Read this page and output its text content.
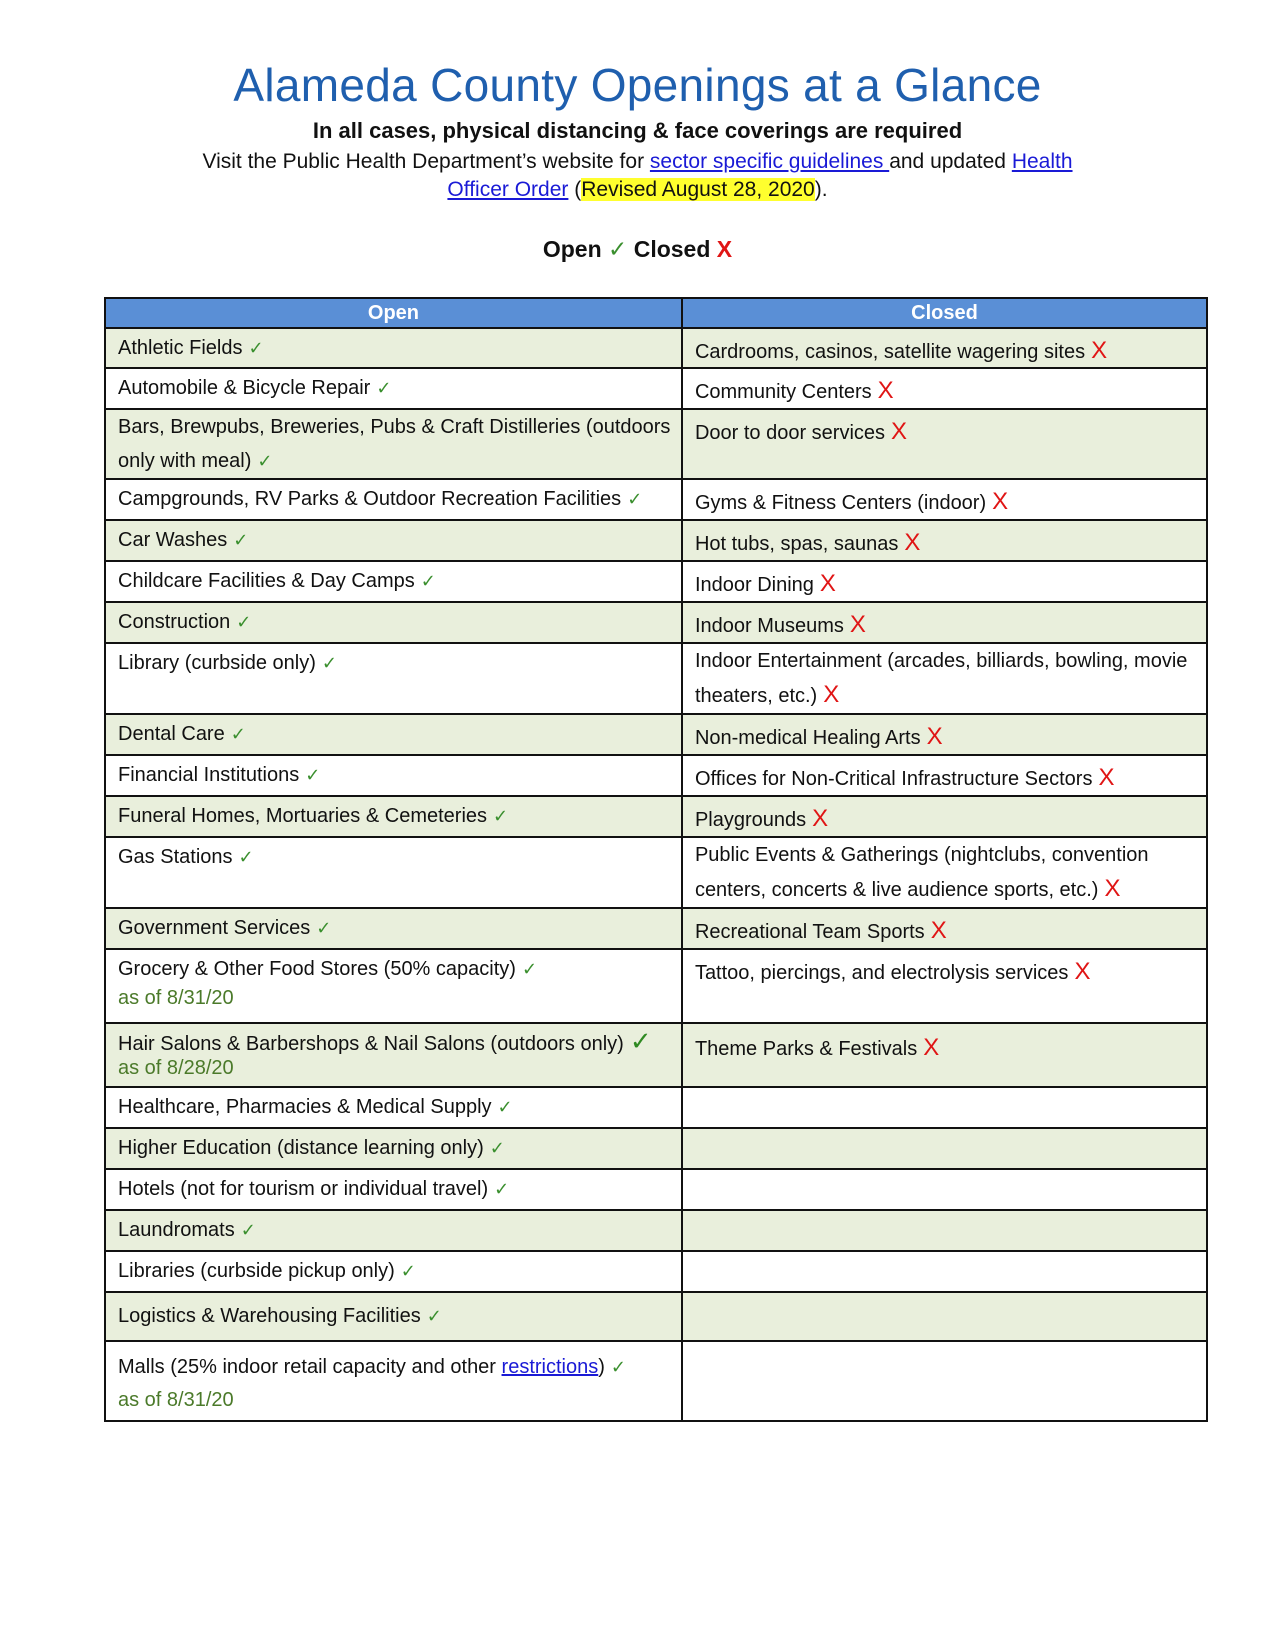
Alameda County Openings at a Glance
In all cases, physical distancing & face coverings are required
Visit the Public Health Department’s website for sector specific guidelines and updated Health
Officer Order (Revised August 28, 2020).
Open ✓ Closed X
Open	Closed
Athletic Fields ✓	Cardrooms, casinos, satellite wagering sites X
Automobile & Bicycle Repair ✓	Community Centers X
Bars, Brewpubs, Breweries, Pubs & Craft Distilleries (outdoors only with meal) ✓	Door to door services X
Campgrounds, RV Parks & Outdoor Recreation Facilities ✓	Gyms & Fitness Centers (indoor) X
Car Washes ✓	Hot tubs, spas, saunas X
Childcare Facilities & Day Camps ✓	Indoor Dining X
Construction ✓	Indoor Museums X
Library (curbside only) ✓	Indoor Entertainment (arcades, billiards, bowling, movie theaters, etc.) X
Dental Care ✓	Non-medical Healing Arts X
Financial Institutions ✓	Offices for Non-Critical Infrastructure Sectors X
Funeral Homes, Mortuaries & Cemeteries ✓	Playgrounds X
Gas Stations ✓	Public Events & Gatherings (nightclubs, convention centers, concerts & live audience sports, etc.) X
Government Services ✓	Recreational Team Sports X
Grocery & Other Food Stores (50% capacity) ✓
as of 8/31/20	Tattoo, piercings, and electrolysis services X
Hair Salons & Barbershops & Nail Salons (outdoors only) ✓
as of 8/28/20	Theme Parks & Festivals X
Healthcare, Pharmacies & Medical Supply ✓	
Higher Education (distance learning only) ✓	
Hotels (not for tourism or individual travel) ✓	
Laundromats ✓	
Libraries (curbside pickup only) ✓	
Logistics & Warehousing Facilities ✓	
Malls (25% indoor retail capacity and other restrictions) ✓
as of 8/31/20	
